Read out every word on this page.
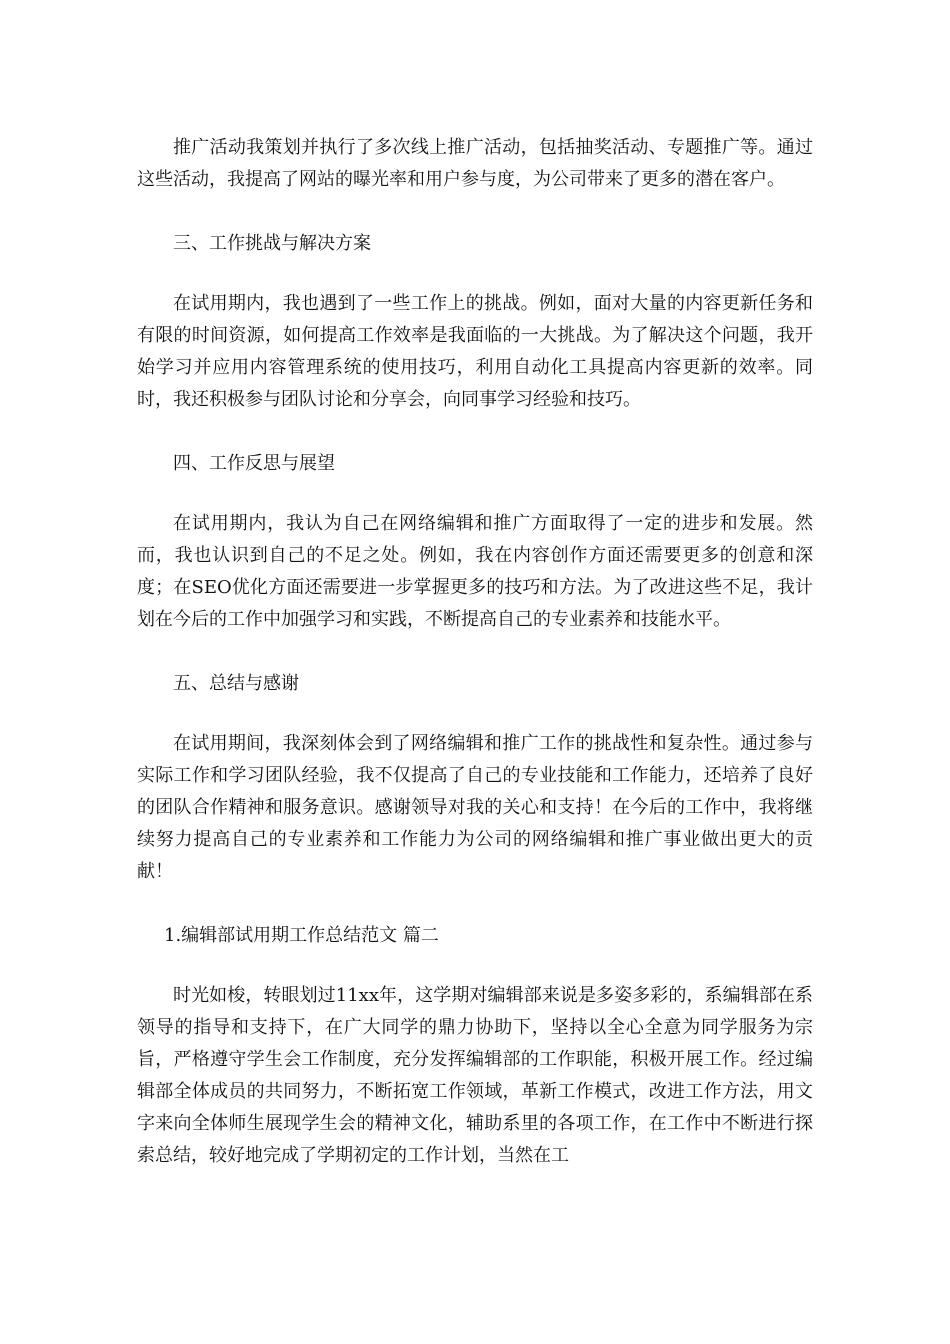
推广活动我策划并执行了多次线上推广活动，包括抽奖活动、专题推广等。通过这些活动，我提高了网站的曝光率和用户参与度，为公司带来了更多的潜在客户。

三、工作挑战与解决方案

在试用期内，我也遇到了一些工作上的挑战。例如，面对大量的内容更新任务和有限的时间资源，如何提高工作效率是我面临的一大挑战。为了解决这个问题，我开始学习并应用内容管理系统的使用技巧，利用自动化工具提高内容更新的效率。同时，我还积极参与团队讨论和分享会，向同事学习经验和技巧。

四、工作反思与展望

在试用期内，我认为自己在网络编辑和推广方面取得了一定的进步和发展。然而，我也认识到自己的不足之处。例如，我在内容创作方面还需要更多的创意和深度；在SEO优化方面还需要进一步掌握更多的技巧和方法。为了改进这些不足，我计划在今后的工作中加强学习和实践，不断提高自己的专业素养和技能水平。

五、总结与感谢

在试用期间，我深刻体会到了网络编辑和推广工作的挑战性和复杂性。通过参与实际工作和学习团队经验，我不仅提高了自己的专业技能和工作能力，还培养了良好的团队合作精神和服务意识。感谢领导对我的关心和支持！在今后的工作中，我将继续努力提高自己的专业素养和工作能力为公司的网络编辑和推广事业做出更大的贡献！

1.编辑部试用期工作总结范文 篇二

时光如梭，转眼划过11xx年，这学期对编辑部来说是多姿多彩的，系编辑部在系领导的指导和支持下，在广大同学的鼎力协助下，坚持以全心全意为同学服务为宗旨，严格遵守学生会工作制度，充分发挥编辑部的工作职能，积极开展工作。经过编辑部全体成员的共同努力，不断拓宽工作领域，革新工作模式，改进工作方法，用文字来向全体师生展现学生会的精神文化，辅助系里的各项工作，在工作中不断进行探索总结，较好地完成了学期初定的工作计划，当然在工
